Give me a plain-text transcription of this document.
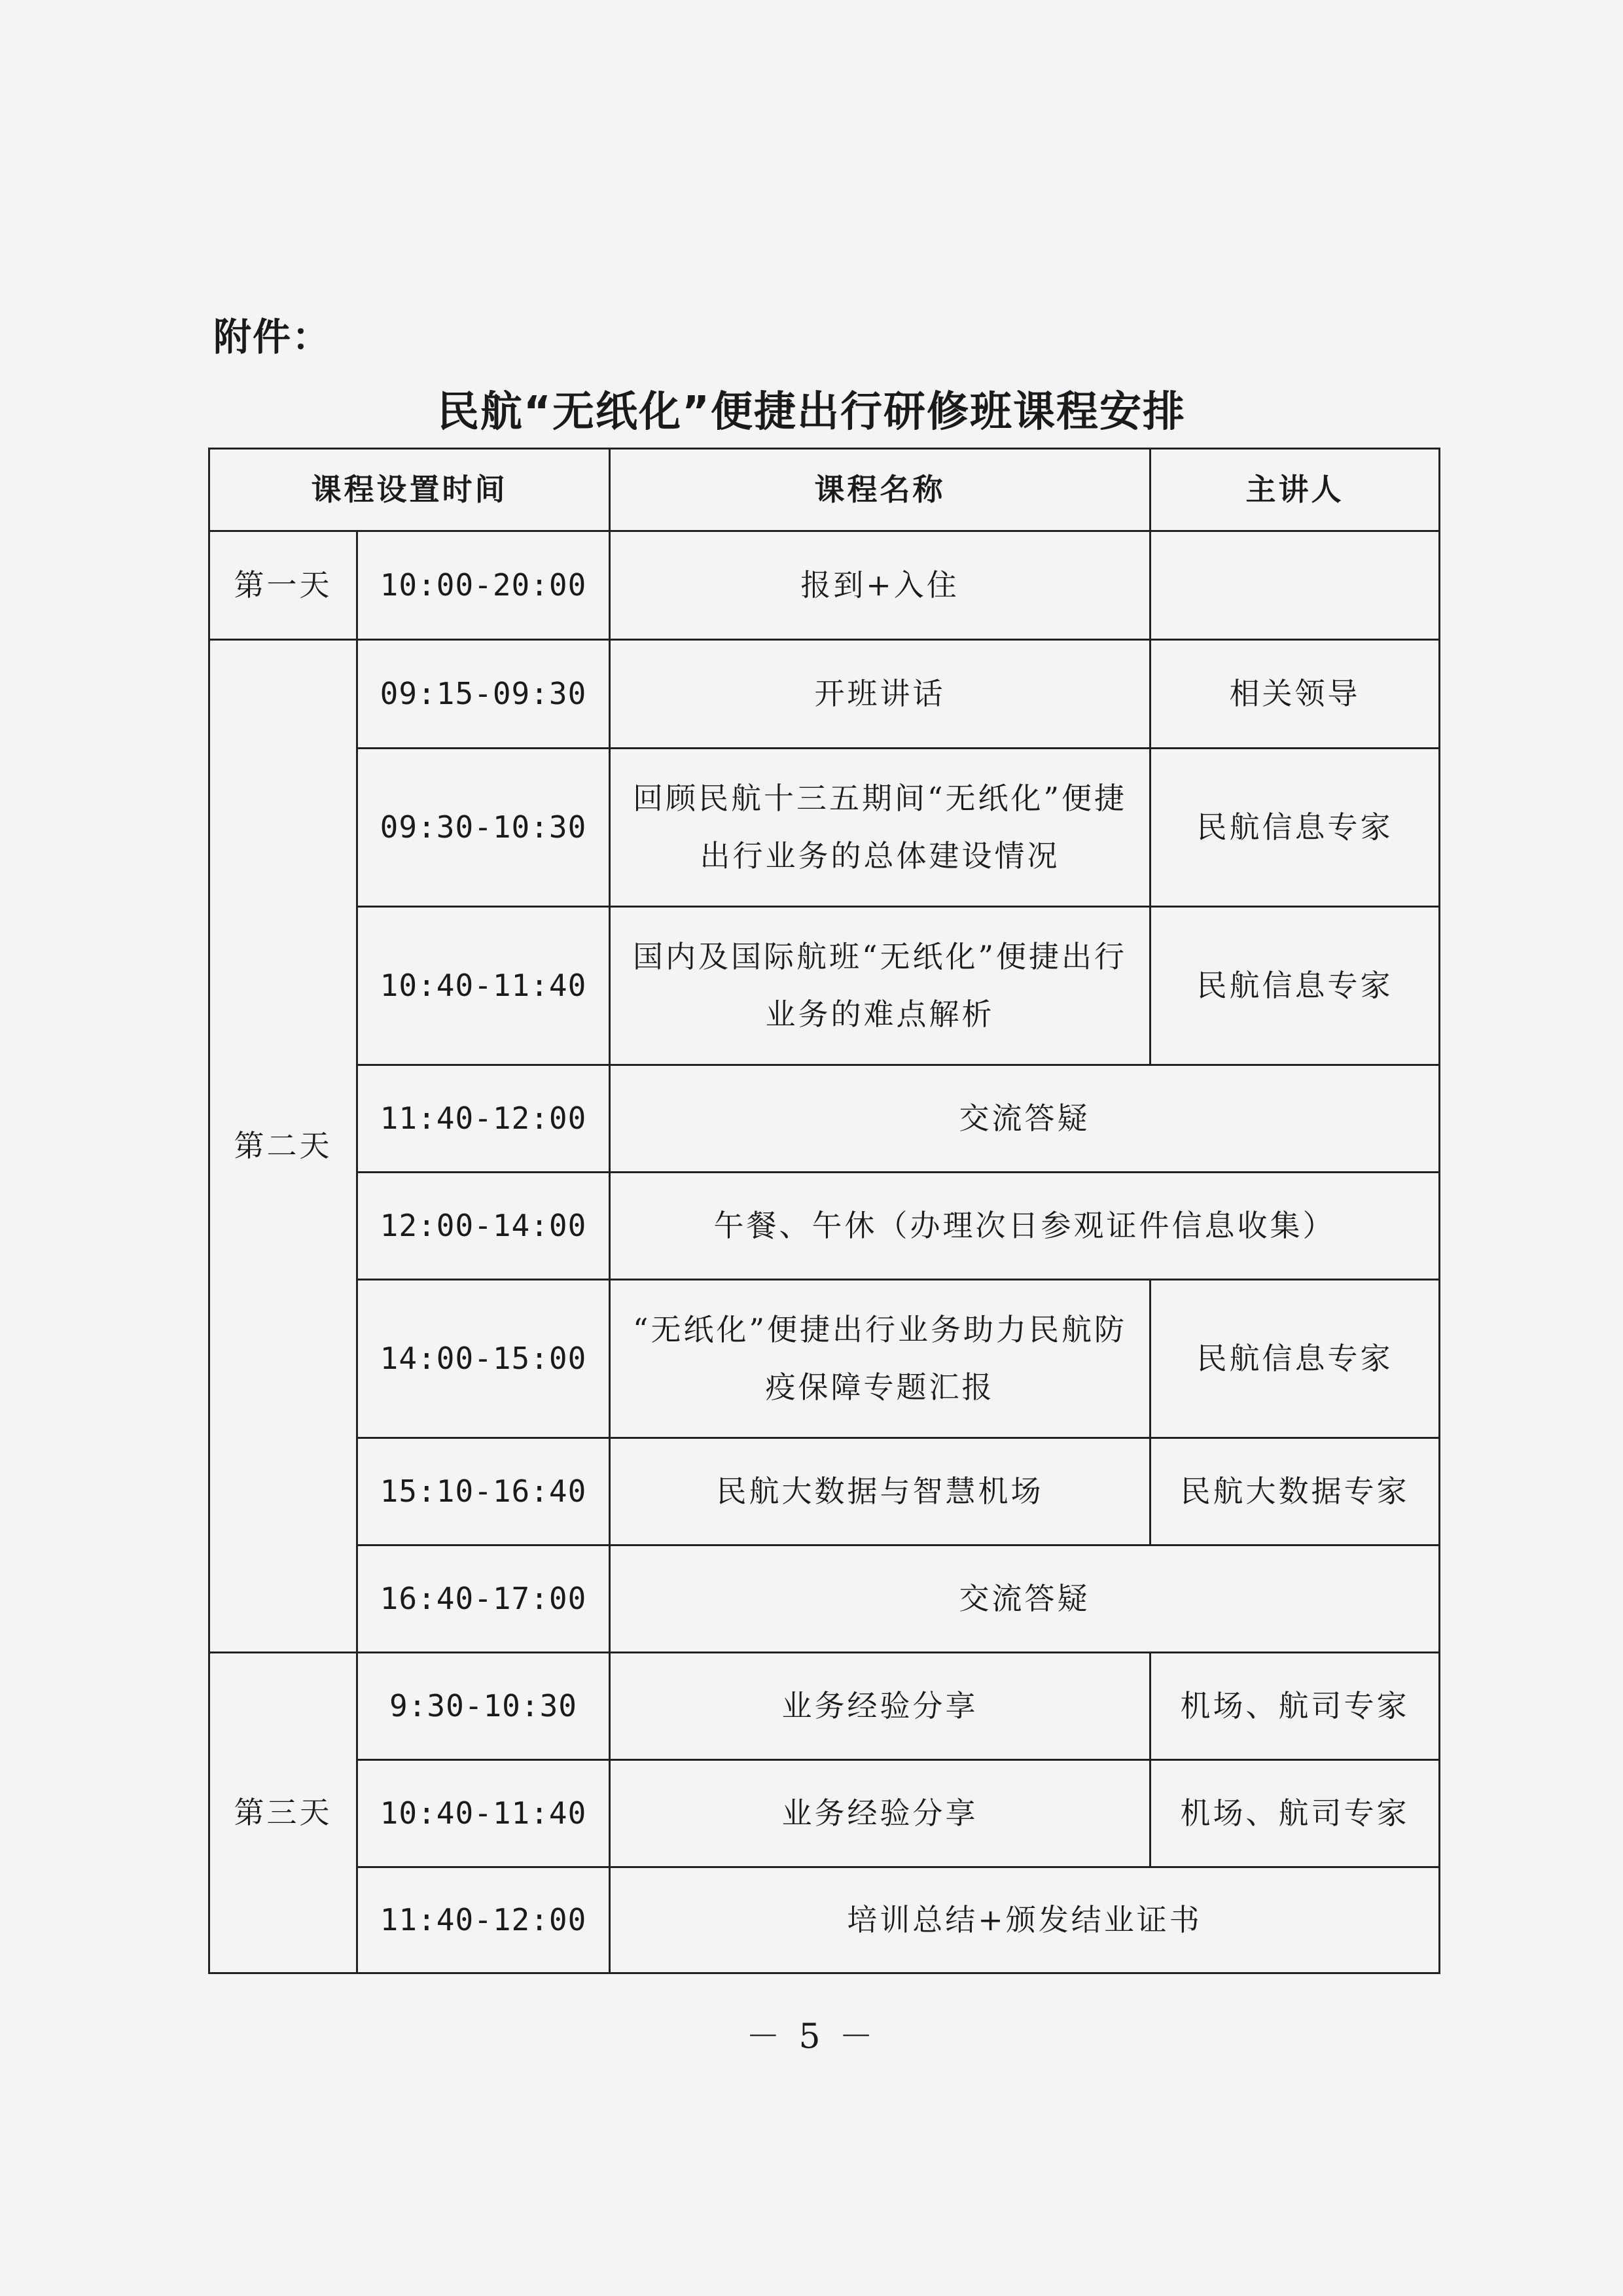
附件：
民航“无纸化”便捷出行研修班课程安排
课程设置时间		课程名称	主讲人
第一天	10:00-20:00	报到+入住	
第二天	09:15-09:30	开班讲话	相关领导
	09:30-10:30	回顾民航十三五期间“无纸化”便捷出行业务的总体建设情况	民航信息专家
	10:40-11:40	国内及国际航班“无纸化”便捷出行业务的难点解析	民航信息专家
	11:40-12:00	交流答疑	
	12:00-14:00	午餐、午休（办理次日参观证件信息收集）	
	14:00-15:00	“无纸化”便捷出行业务助力民航防疫保障专题汇报	民航信息专家
	15:10-16:40	民航大数据与智慧机场	民航大数据专家
	16:40-17:00	交流答疑	
第三天	9:30-10:30	业务经验分享	机场、航司专家
	10:40-11:40	业务经验分享	机场、航司专家
	11:40-12:00	培训总结+颁发结业证书	
－ 5 －
